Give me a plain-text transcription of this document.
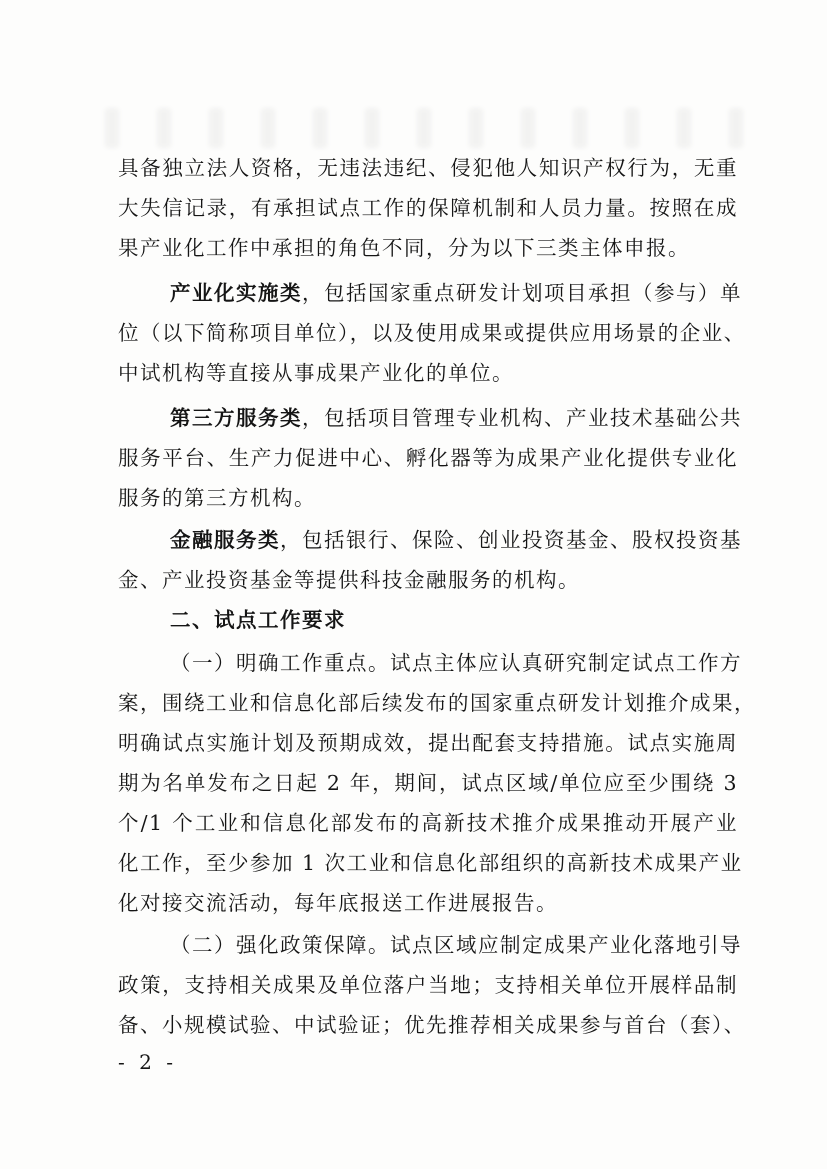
具备独立法人资格，无违法违纪、侵犯他人知识产权行为，无重
大失信记录，有承担试点工作的保障机制和人员力量。按照在成
果产业化工作中承担的角色不同，分为以下三类主体申报。
产业化实施类，包括国家重点研发计划项目承担（参与）单
位（以下简称项目单位），以及使用成果或提供应用场景的企业、
中试机构等直接从事成果产业化的单位。
第三方服务类，包括项目管理专业机构、产业技术基础公共
服务平台、生产力促进中心、孵化器等为成果产业化提供专业化
服务的第三方机构。
金融服务类，包括银行、保险、创业投资基金、股权投资基
金、产业投资基金等提供科技金融服务的机构。
二、试点工作要求
（一）明确工作重点。试点主体应认真研究制定试点工作方
案，围绕工业和信息化部后续发布的国家重点研发计划推介成果，
明确试点实施计划及预期成效，提出配套支持措施。试点实施周
期为名单发布之日起 2 年，期间，试点区域/单位应至少围绕 3
个/1 个工业和信息化部发布的高新技术推介成果推动开展产业
化工作，至少参加 1 次工业和信息化部组织的高新技术成果产业
化对接交流活动，每年底报送工作进展报告。
（二）强化政策保障。试点区域应制定成果产业化落地引导
政策，支持相关成果及单位落户当地；支持相关单位开展样品制
备、小规模试验、中试验证；优先推荐相关成果参与首台（套）、
- 2 -
